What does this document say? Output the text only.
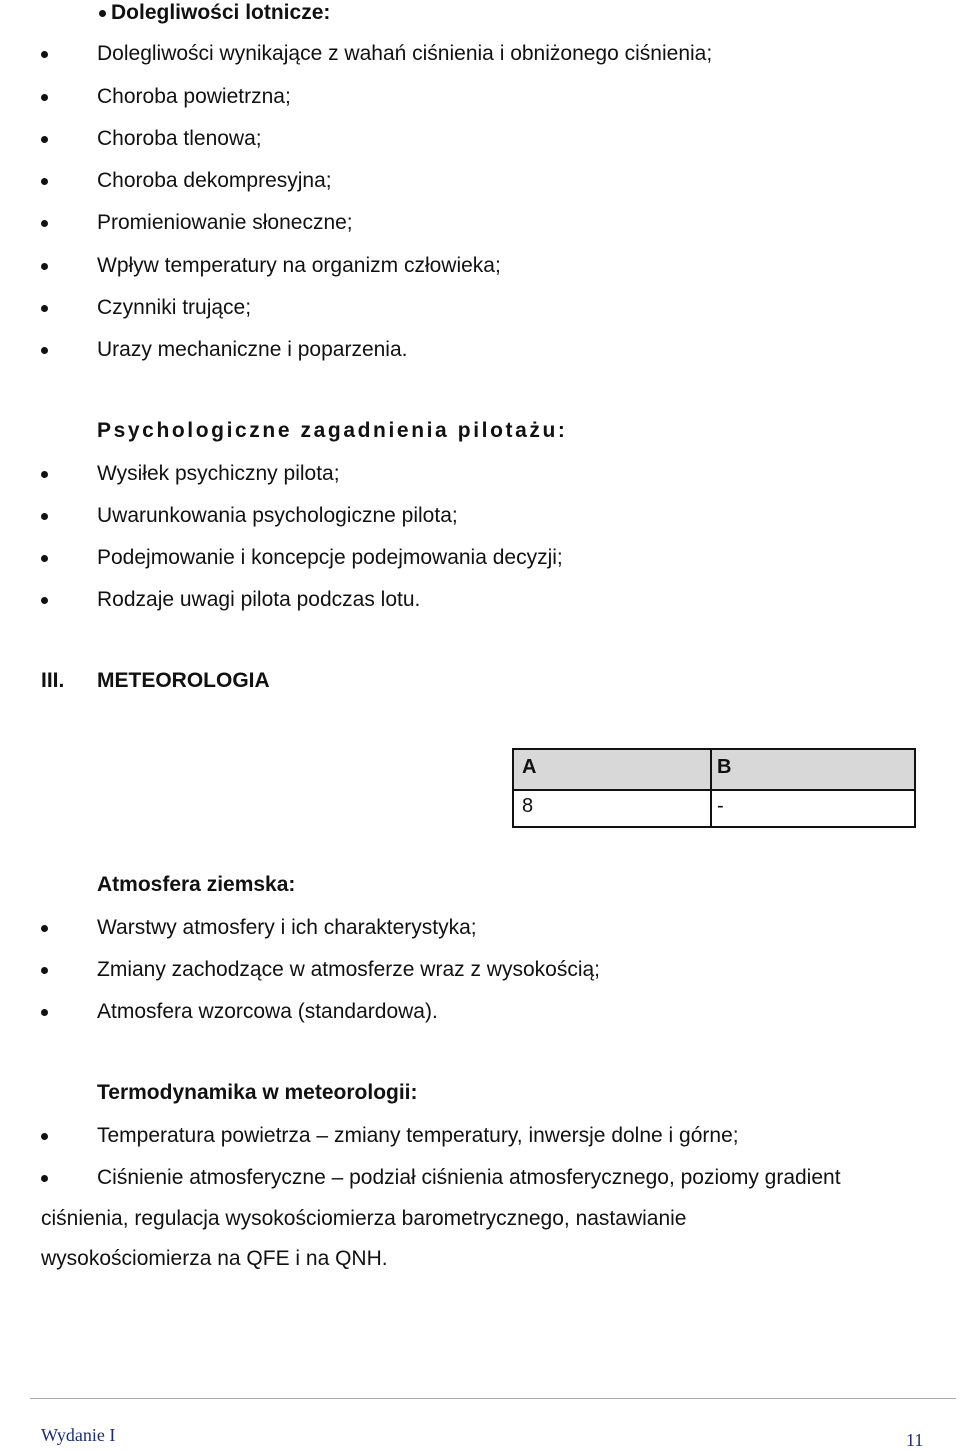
Dolegliwości lotnicze:
Dolegliwości wynikające z wahań ciśnienia i obniżonego ciśnienia;
Choroba powietrzna;
Choroba tlenowa;
Choroba dekompresyjna;
Promieniowanie słoneczne;
Wpływ temperatury na organizm człowieka;
Czynniki trujące;
Urazy mechaniczne i poparzenia.
Psychologiczne zagadnienia pilotażu:
Wysiłek psychiczny pilota;
Uwarunkowania psychologiczne pilota;
Podejmowanie i koncepcje podejmowania decyzji;
Rodzaje uwagi pilota podczas lotu.
III. METEOROLOGIA
A	B
8	-
Atmosfera ziemska:
Warstwy atmosfery i ich charakterystyka;
Zmiany zachodzące w atmosferze wraz z wysokością;
Atmosfera wzorcowa (standardowa).
Termodynamika w meteorologii:
Temperatura powietrza – zmiany temperatury, inwersje dolne i górne;
Ciśnienie atmosferyczne – podział ciśnienia atmosferycznego, poziomy gradient
ciśnienia, regulacja wysokościomierza barometrycznego, nastawianie
wysokościomierza na QFE i na QNH.
Wydanie I	11
